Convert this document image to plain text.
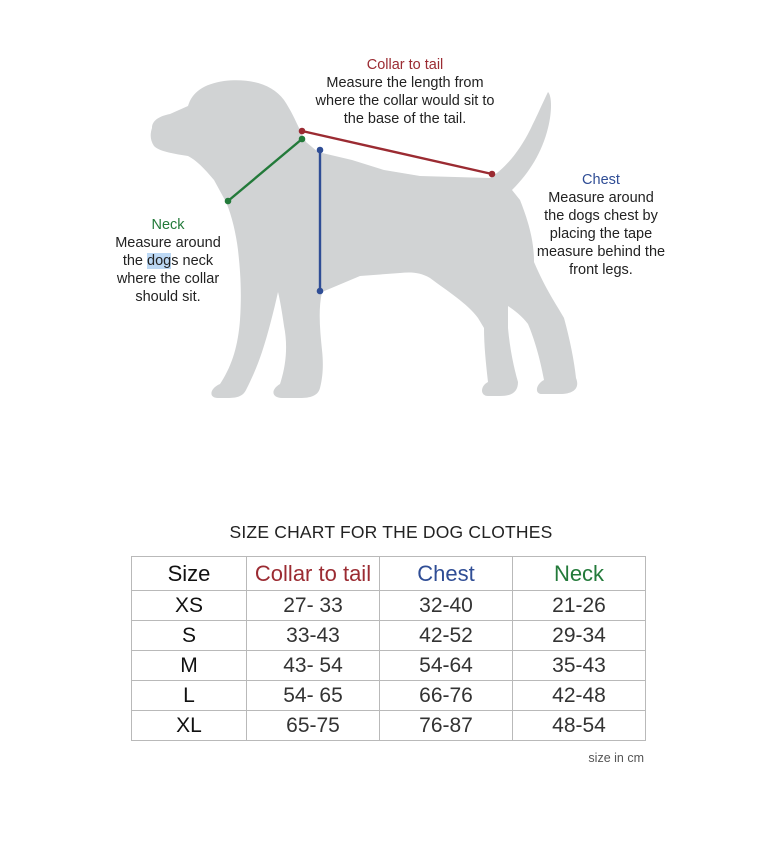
Collar to tail
Measure the length from
where the collar would sit to
the base of the tail.
Chest
Measure around
the dogs chest by
placing the tape
measure behind the
front legs.
Neck
Measure around
the dogs neck
where the collar
should sit.
SIZE CHART FOR THE DOG CLOTHES
Size	Collar to tail	Chest	Neck
XS	27- 33	32-40	21-26
S	33-43	42-52	29-34
M	43- 54	54-64	35-43
L	54- 65	66-76	42-48
XL	65-75	76-87	48-54
size in cm
